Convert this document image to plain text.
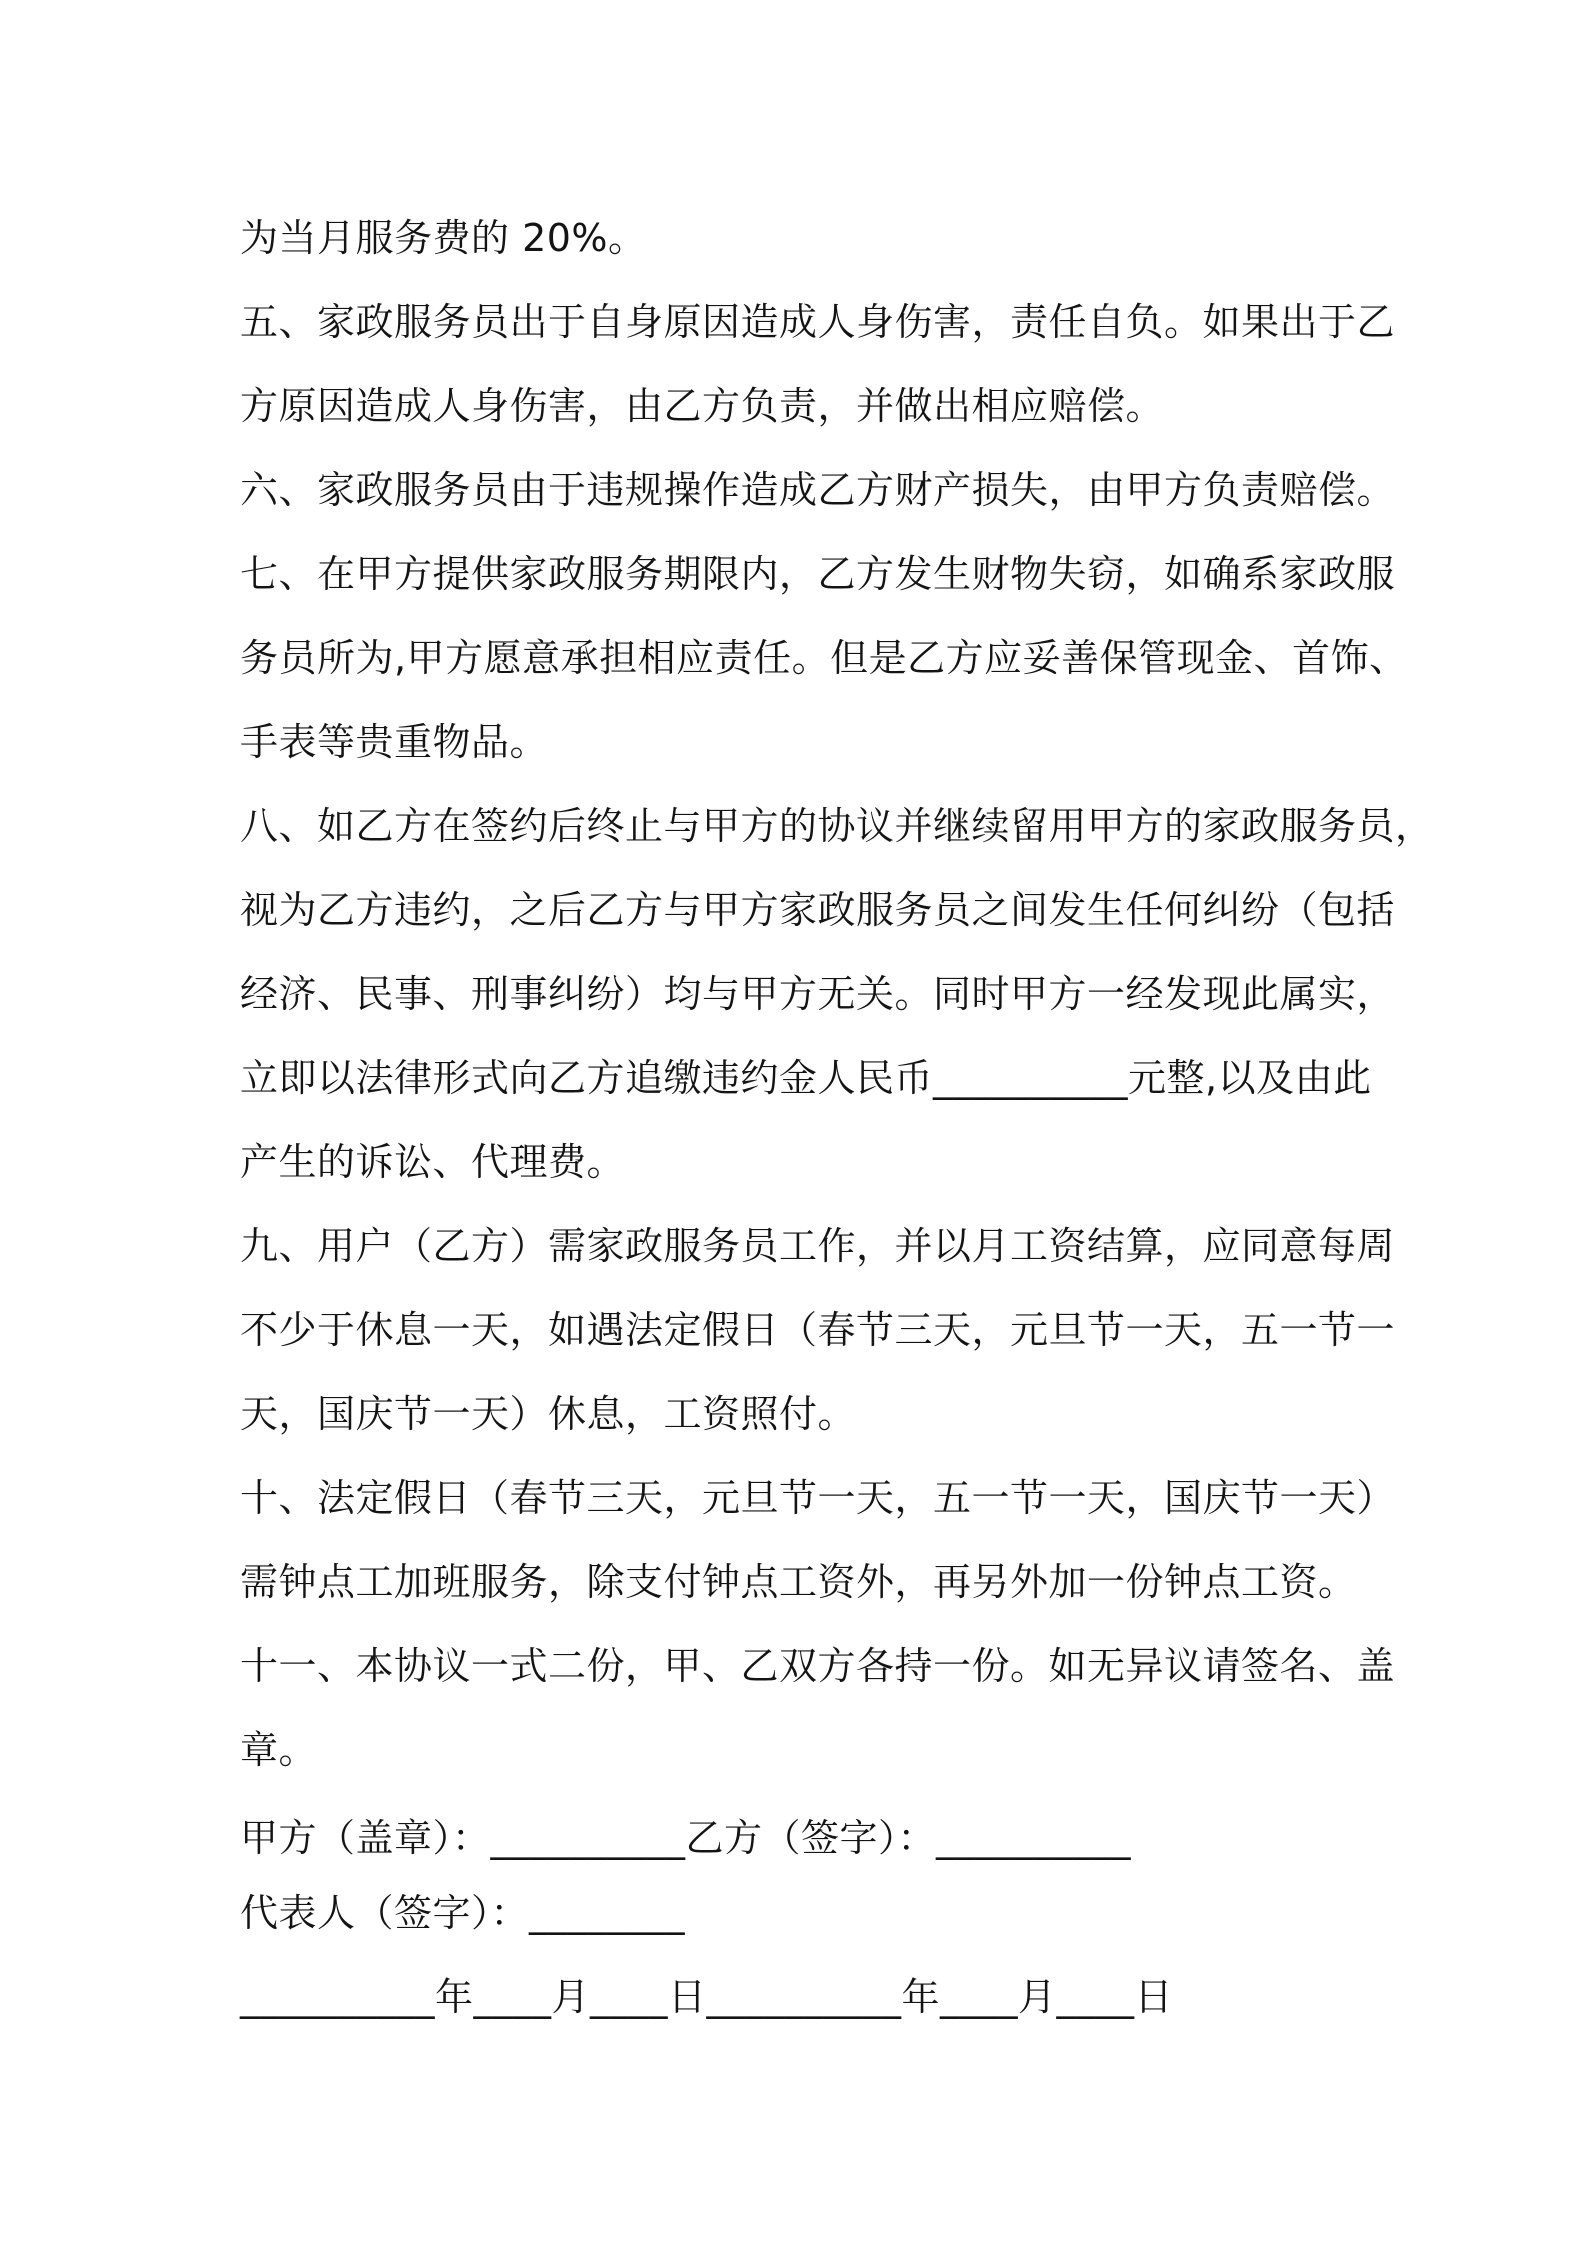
为当月服务费的 20%。
五、家政服务员出于自身原因造成人身伤害，责任自负。如果出于乙
方原因造成人身伤害，由乙方负责，并做出相应赔偿。
六、家政服务员由于违规操作造成乙方财产损失，由甲方负责赔偿。
七、在甲方提供家政服务期限内，乙方发生财物失窃，如确系家政服
务员所为,甲方愿意承担相应责任。但是乙方应妥善保管现金、首饰、
手表等贵重物品。
八、如乙方在签约后终止与甲方的协议并继续留用甲方的家政服务员，
视为乙方违约，之后乙方与甲方家政服务员之间发生任何纠纷（包括
经济、民事、刑事纠纷）均与甲方无关。同时甲方一经发现此属实，
立即以法律形式向乙方追缴违约金人民币__________元整,以及由此
产生的诉讼、代理费。
九、用户（乙方）需家政服务员工作，并以月工资结算，应同意每周
不少于休息一天，如遇法定假日（春节三天，元旦节一天，五一节一
天，国庆节一天）休息，工资照付。
十、法定假日（春节三天，元旦节一天，五一节一天，国庆节一天）
需钟点工加班服务，除支付钟点工资外，再另外加一份钟点工资。
十一、本协议一式二份，甲、乙双方各持一份。如无异议请签名、盖
章。
甲方（盖章）：__________乙方（签字）：__________
代表人（签字）：________
__________年____月____日__________年____月____日
